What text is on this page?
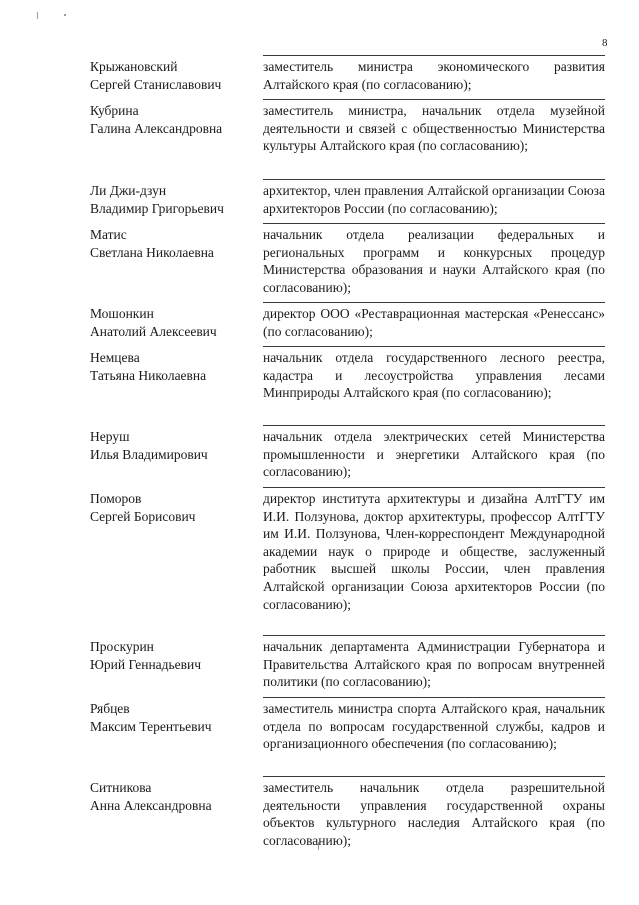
8
Крыжановский
Сергей Станиславович
заместитель министра экономического развития Алтайского края (по согласованию);
Кубрина
Галина Александровна
заместитель министра, начальник отдела музейной деятельности и связей с общественностью Министерства культуры Алтайского края (по согласованию);
Ли Джи-дзун
Владимир Григорьевич
архитектор, член правления Алтайской организации Союза архитекторов России (по согласованию);
Матис
Светлана Николаевна
начальник отдела реализации федеральных и региональных программ и конкурсных процедур Министерства образования и науки Алтайского края (по согласованию);
Мошонкин
Анатолий Алексеевич
директор ООО «Реставрационная мастерская «Ренессанс» (по согласованию);
Немцева
Татьяна Николаевна
начальник отдела государственного лесного реестра, кадастра и лесоустройства управления лесами Минприроды Алтайского края (по согласованию);
Неруш
Илья Владимирович
начальник отдела электрических сетей Министерства промышленности и энергетики Алтайского края (по согласованию);
Поморов
Сергей Борисович
директор института архитектуры и дизайна АлтГТУ им И.И. Ползунова, доктор архитектуры, профессор АлтГТУ им И.И. Ползунова, Член-корреспондент Международной академии наук о природе и обществе, заслуженный работник высшей школы России, член правления Алтайской организации Союза архитекторов России (по согласованию);
Проскурин
Юрий Геннадьевич
начальник департамента Администрации Губернатора и Правительства Алтайского края по вопросам внутренней политики (по согласованию);
Рябцев
Максим Терентьевич
заместитель министра спорта Алтайского края, начальник отдела по вопросам государственной службы, кадров и организационного обеспечения (по согласованию);
Ситникова
Анна Александровна
заместитель начальник отдела разрешительной деятельности управления государственной охраны объектов культурного наследия Алтайского края (по согласованию);
